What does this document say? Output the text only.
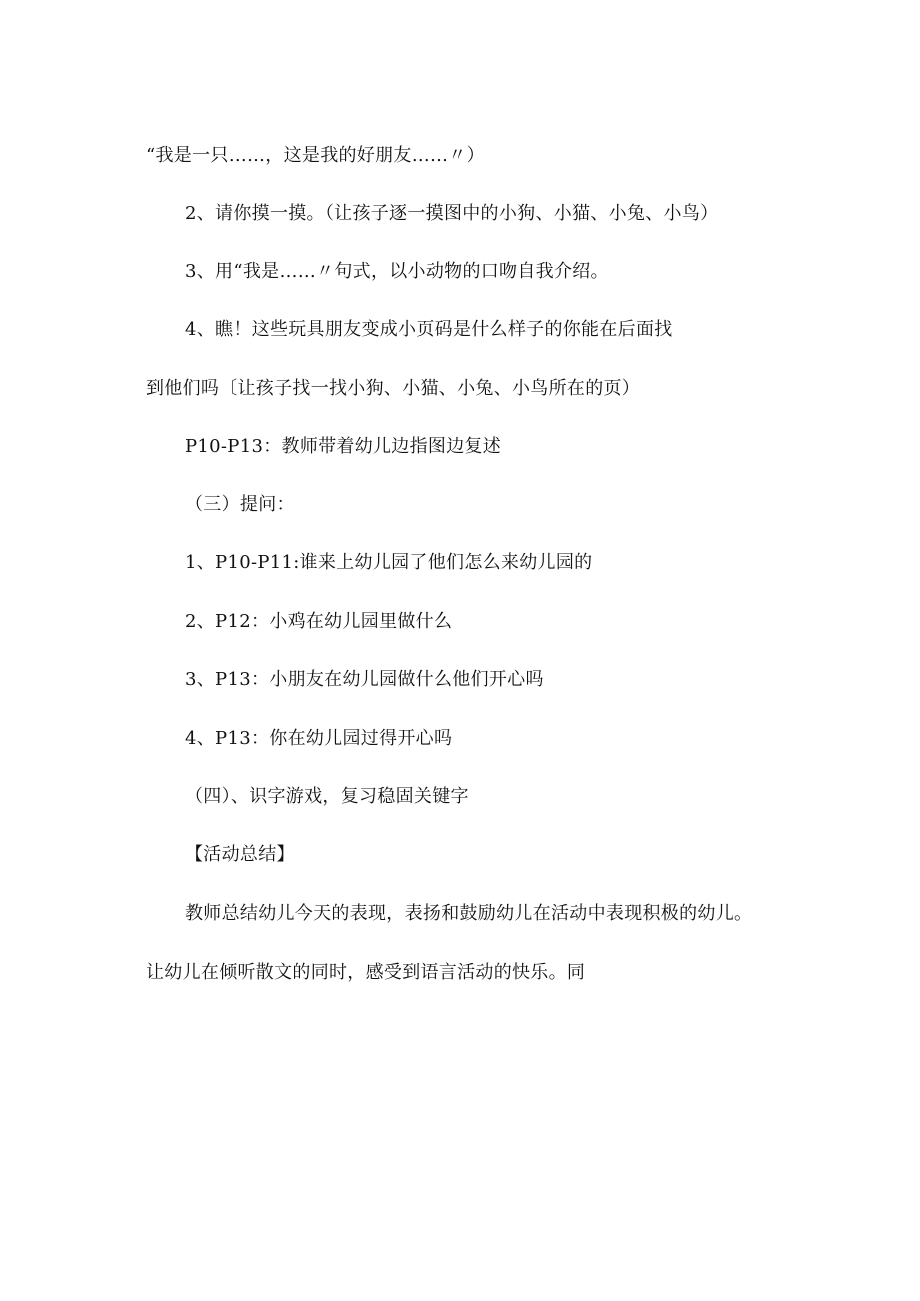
“我是一只……，这是我的好朋友……〃）

2、请你摸一摸。（让孩子逐一摸图中的小狗、小猫、小兔、小鸟）

3、用“我是……〃句式，以小动物的口吻自我介绍。

4、瞧！这些玩具朋友变成小页码是什么样子的你能在后面找

到他们吗〔让孩子找一找小狗、小猫、小兔、小鸟所在的页）

P10-P13：教师带着幼儿边指图边复述

（三）提问：

1、P10-P11:谁来上幼儿园了他们怎么来幼儿园的

2、P12：小鸡在幼儿园里做什么

3、P13：小朋友在幼儿园做什么他们开心吗

4、P13：你在幼儿园过得开心吗

（四）、识字游戏，复习稳固关键字

【活动总结】

教师总结幼儿今天的表现，表扬和鼓励幼儿在活动中表现积极的幼儿。

让幼儿在倾听散文的同时，感受到语言活动的快乐。同
